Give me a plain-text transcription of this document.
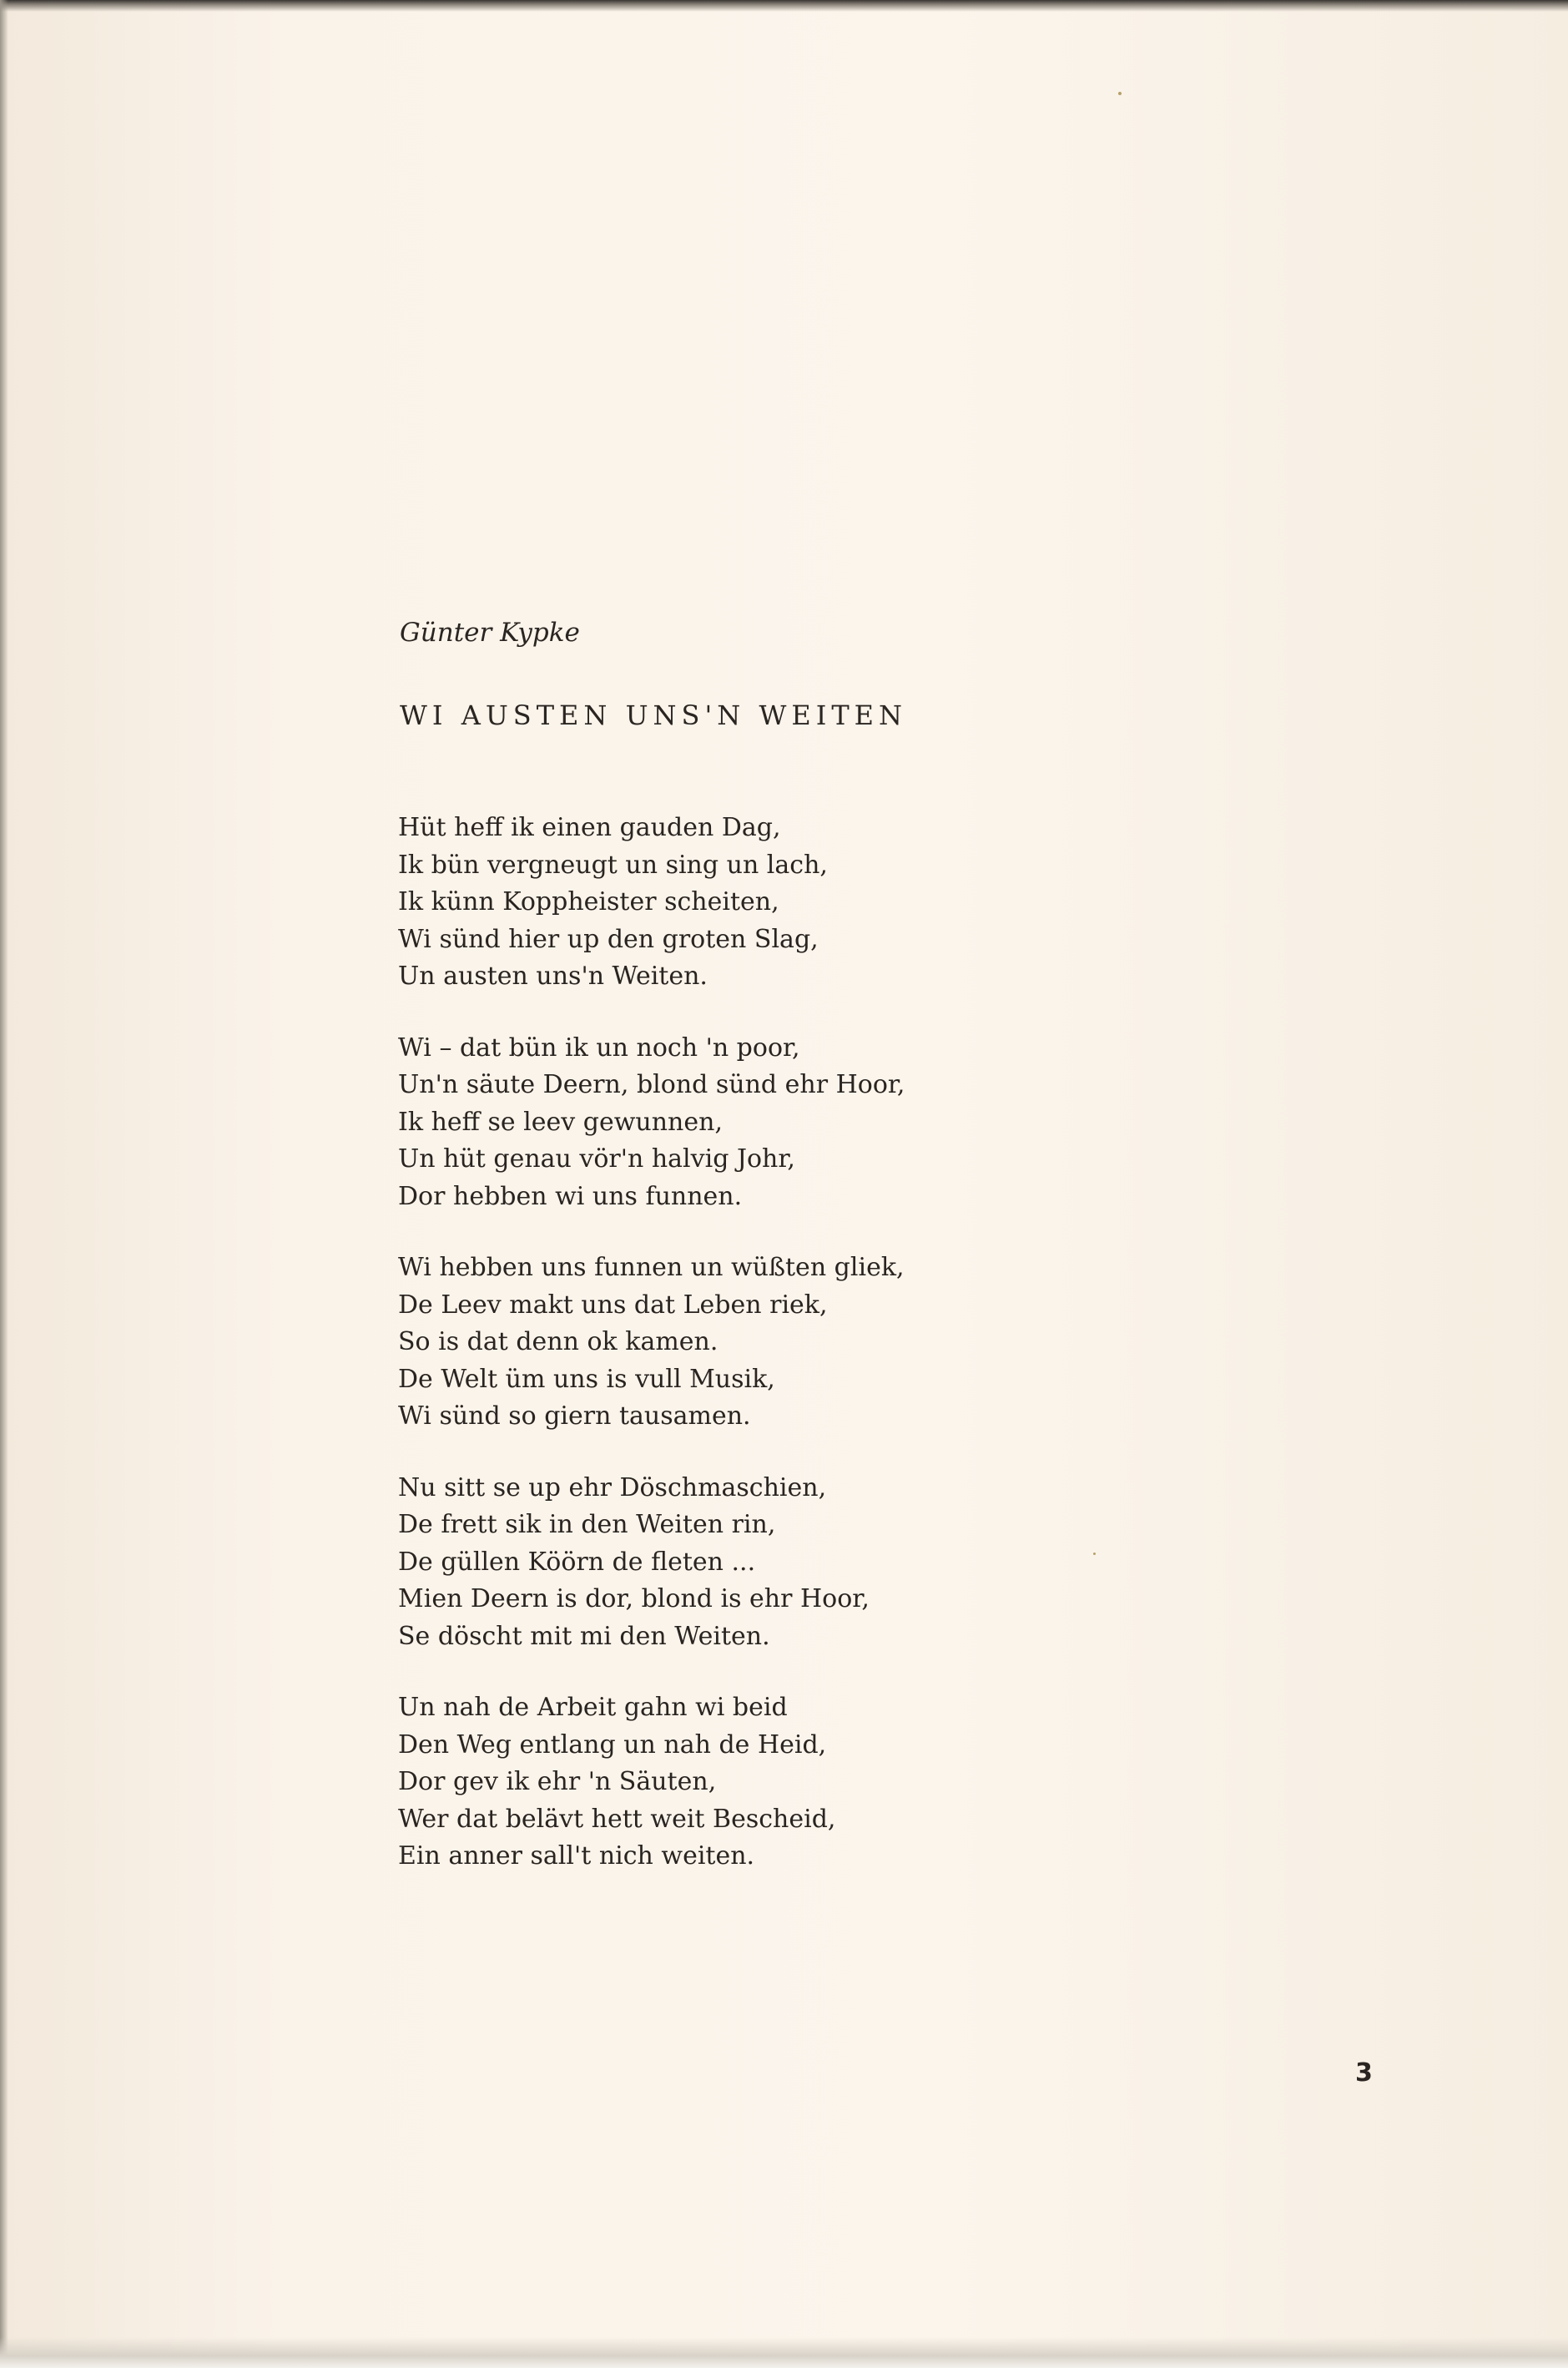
Günter Kypke
WI AUSTEN UNS'N WEITEN
Hüt heff ik einen gauden Dag,
Ik bün vergneugt un sing un lach,
Ik künn Koppheister scheiten,
Wi sünd hier up den groten Slag,
Un austen uns'n Weiten.
Wi – dat bün ik un noch 'n poor,
Un'n säute Deern, blond sünd ehr Hoor,
Ik heff se leev gewunnen,
Un hüt genau vör'n halvig Johr,
Dor hebben wi uns funnen.
Wi hebben uns funnen un wüßten gliek,
De Leev makt uns dat Leben riek,
So is dat denn ok kamen.
De Welt üm uns is vull Musik,
Wi sünd so giern tausamen.
Nu sitt se up ehr Döschmaschien,
De frett sik in den Weiten rin,
De güllen Köörn de fleten ...
Mien Deern is dor, blond is ehr Hoor,
Se döscht mit mi den Weiten.
Un nah de Arbeit gahn wi beid
Den Weg entlang un nah de Heid,
Dor gev ik ehr 'n Säuten,
Wer dat belävt hett weit Bescheid,
Ein anner sall't nich weiten.
3
